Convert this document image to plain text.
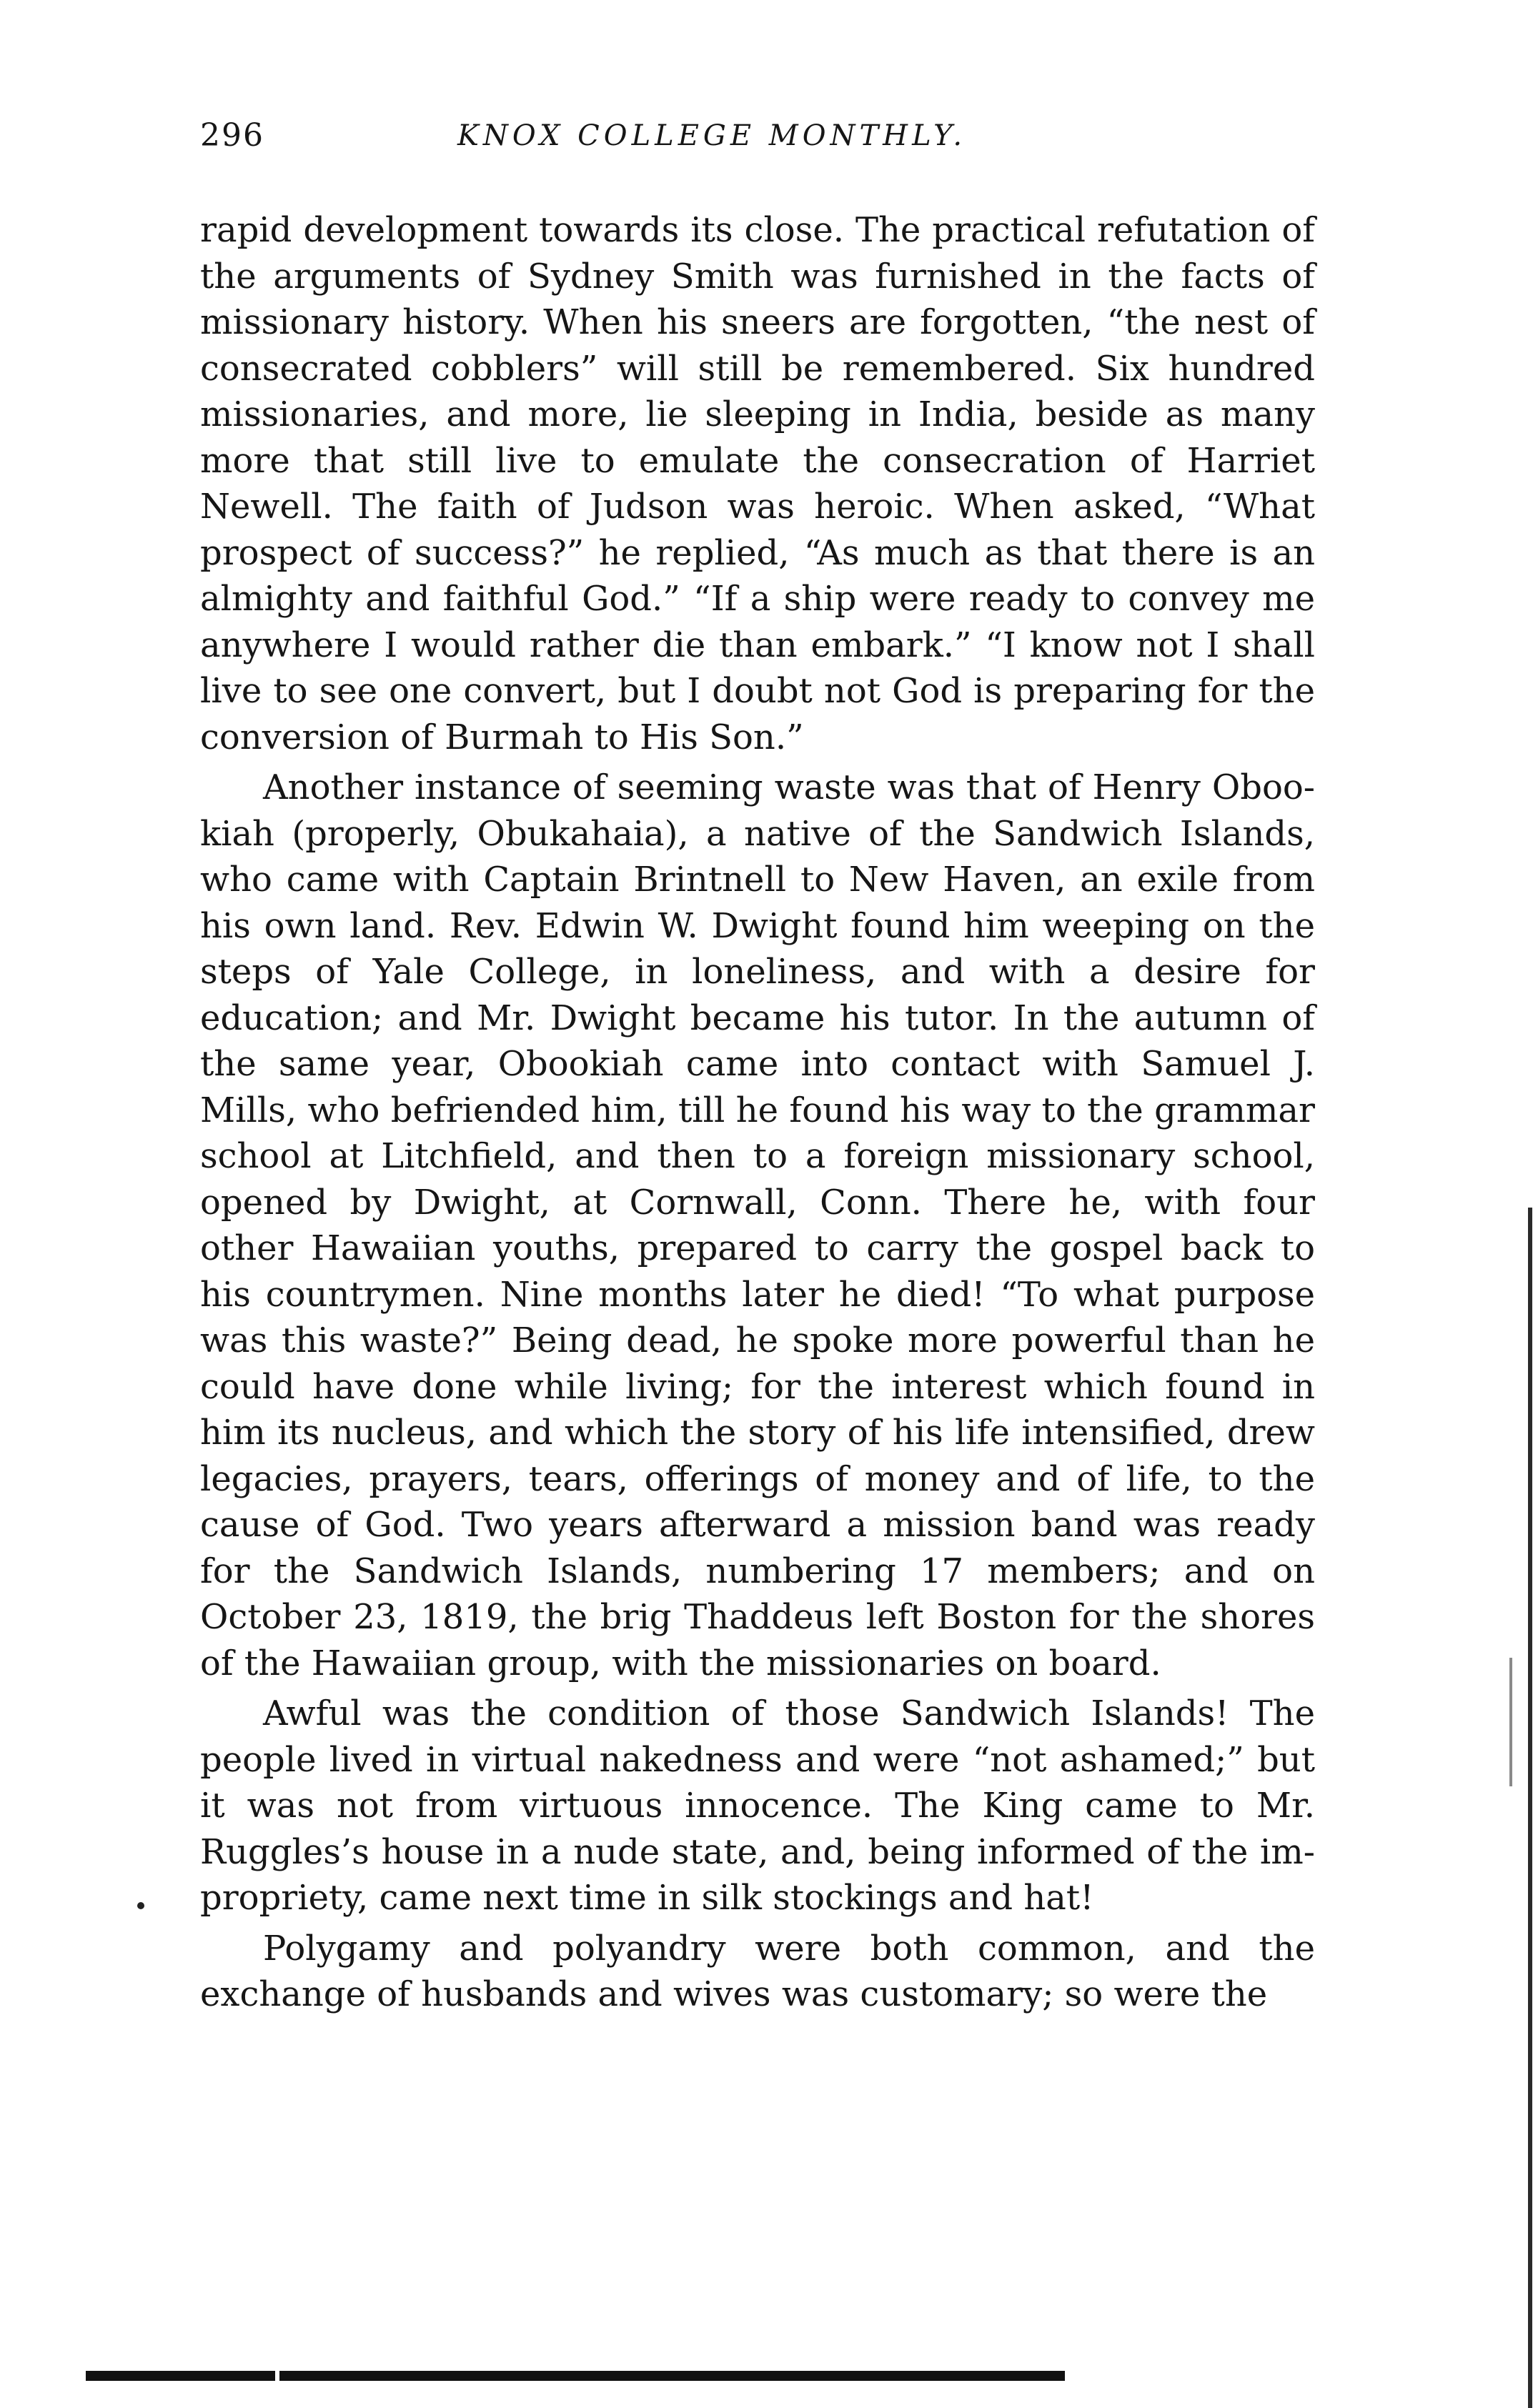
296	KNOX COLLEGE MONTHLY.

rapid development towards its close. The practical refutation of the arguments of Sydney Smith was furnished in the facts of missionary history. When his sneers are forgotten, “the nest of consecrated cobblers” will still be remembered. Six hundred missionaries, and more, lie sleeping in India, beside as many more that still live to emulate the consecration of Harriet Newell. The faith of Judson was heroic. When asked, “What prospect of success?” he replied, “As much as that there is an almighty and faithful God.” “If a ship were ready to convey me anywhere I would rather die than embark.” “I know not I shall live to see one convert, but I doubt not God is preparing for the conversion of Burmah to His Son.”

Another instance of seeming waste was that of Henry Obookiah (properly, Obukahaia), a native of the Sandwich Islands, who came with Captain Brintnell to New Haven, an exile from his own land. Rev. Edwin W. Dwight found him weeping on the steps of Yale College, in loneliness, and with a desire for education; and Mr. Dwight became his tutor. In the autumn of the same year, Obookiah came into contact with Samuel J. Mills, who befriended him, till he found his way to the grammar school at Litchfield, and then to a foreign missionary school, opened by Dwight, at Cornwall, Conn. There he, with four other Hawaiian youths, prepared to carry the gospel back to his countrymen. Nine months later he died! “To what purpose was this waste?” Being dead, he spoke more powerful than he could have done while living; for the interest which found in him its nucleus, and which the story of his life intensified, drew legacies, prayers, tears, offerings of money and of life, to the cause of God. Two years afterward a mission band was ready for the Sandwich Islands, numbering 17 members; and on October 23, 1819, the brig Thaddeus left Boston for the shores of the Hawaiian group, with the missionaries on board.

Awful was the condition of those Sandwich Islands! The people lived in virtual nakedness and were “not ashamed;” but it was not from virtuous innocence. The King came to Mr. Ruggles’s house in a nude state, and, being informed of the impropriety, came next time in silk stockings and hat!

Polygamy and polyandry were both common, and the exchange of husbands and wives was customary; so were the
